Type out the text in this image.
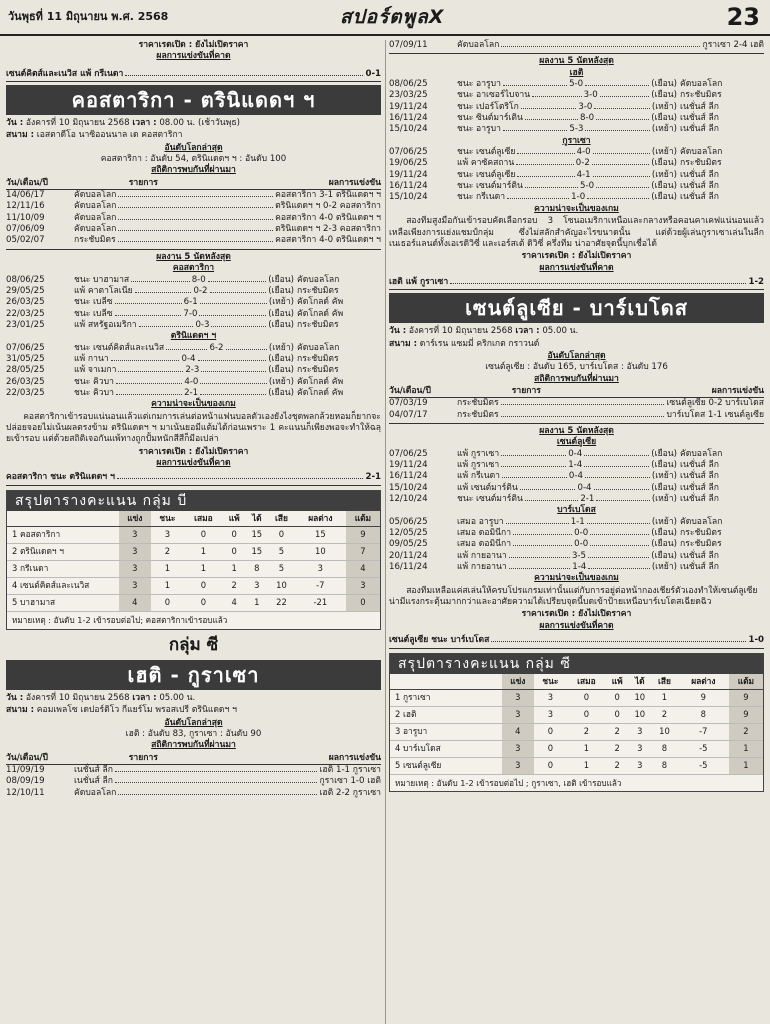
วันพุธที่ 11 มิถุนายน พ.ศ. 2568	สปอร์ตพูลX	23
ราคาเรตเปิด : ยังไม่เปิดราคา
ผลการแข่งขันที่คาด
เซนต์คิตส์และเนวิส แพ้ กรีเนดา	0-1
คอสตาริกา - ตรินิแดดฯ ฯ
วัน : อังคารที่ 10 มิถุนายน 2568 เวลา : 08.00 น. (เช้าวันพุธ)
สนาม : เอสตาดีโอ นาซิออนนาล เด คอสตาริกา
อันดับโลกล่าสุด
คอสตาริกา : อันดับ 54, ตรินิแดดฯ ฯ : อันดับ 100
สถิติการพบกันที่ผ่านมา
วัน/เดือน/ปี	รายการ	ผลการแข่งขัน
14/06/17	คัดบอลโลก	คอสตาริกา 3-1 ตรินิแดดฯ ฯ
12/11/16	คัดบอลโลก	ตรินิแดดฯ ฯ 0-2 คอสตาริกา
11/10/09	คัดบอลโลก	คอสตาริกา 4-0 ตรินิแดดฯ ฯ
07/06/09	คัดบอลโลก	ตรินิแดดฯ ฯ 2-3 คอสตาริกา
05/02/07	กระชับมิตร	คอสตาริกา 4-0 ตรินิแดดฯ ฯ
ผลงาน 5 นัดหลังสุด
คอสตาริกา
08/06/25	ชนะ บาฮามาส	8-0	(เยือน) คัดบอลโลก
29/05/25	แพ้ คาตาโลเนีย	0-2	(เยือน) กระชับมิตร
26/03/25	ชนะ เบลีซ	6-1	(เหย้า) คัดโกลด์ คัพ
22/03/25	ชนะ เบลีซ	7-0	(เยือน) คัดโกลด์ คัพ
23/01/25	แพ้ สหรัฐอเมริกา	0-3	(เยือน) กระชับมิตร
ตรินิแดดฯ ฯ
07/06/25	ชนะ เซนต์คิตส์และเนวิส	6-2	(เหย้า) คัดบอลโลก
31/05/25	แพ้ กานา	0-4	(เยือน) กระชับมิตร
28/05/25	แพ้ จาเมกา	2-3	(เยือน) กระชับมิตร
26/03/25	ชนะ คิวบา	4-0	(เหย้า) คัดโกลด์ คัพ
22/03/25	ชนะ คิวบา	2-1	(เยือน) คัดโกลด์ คัพ
ความน่าจะเป็นของเกม
คอสตาริกาเข้ารอบแน่นอนแล้วแต่เกมการเล่นต่อหน้าแฟนบอลตัวเองยังไงชุดพลกล้วยหอมก็ยากจะปล่อยจอยไม่เน้นผลตรงข้าม ตรินิแดดฯ ฯ มาเน้นยอมีแต้มได้ก่อนเพราะ 1 คะแนนก็เพียงพอจะทำให้ฉลุยเข้ารอบ แต่ด้วยสถิติเจอกันแพ้ทางถูกปั้มหนักสีสีก็มีอเปล่า
ราคาเรตเปิด : ยังไม่เปิดราคา
ผลการแข่งขันที่คาด
คอสตาริกา ชนะ ตรินิแดดฯ ฯ	2-1
สรุปตารางคะแนน กลุ่ม บี
	แข่ง	ชนะ	เสมอ	แพ้	ได้	เสีย	ผลต่าง	แต้ม
1 คอสตาริกา	3	3	0	0	15	0	15	9
2 ตรินิแดดฯ ฯ	3	2	1	0	15	5	10	7
3 กรีเนดา	3	1	1	1	8	5	3	4
4 เซนต์คิตส์และเนวิส	3	1	0	2	3	10	-7	3
5 บาฮามาส	4	0	0	4	1	22	-21	0
หมายเหตุ : อันดับ 1-2 เข้ารอบต่อไป; คอสตาริกาเข้ารอบแล้ว
กลุ่ม ซี
เฮติ - กูราเซา
วัน : อังคารที่ 10 มิถุนายน 2568 เวลา : 05.00 น.
สนาม : คอมเพลโซ เดปอร์ติโว กีแยร์โม พรอสเปรี ตรินิแดดฯ ฯ
อันดับโลกล่าสุด
เฮติ : อันดับ 83, กูราเซา : อันดับ 90
สถิติการพบกันที่ผ่านมา
วัน/เดือน/ปี	รายการ	ผลการแข่งขัน
11/09/19	เนชั่นส์ ลีก	เฮติ 1-1 กูราเซา
08/09/19	เนชั่นส์ ลีก	กูราเซา 1-0 เฮติ
12/10/11	คัดบอลโลก	เฮติ 2-2 กูราเซา
07/09/11	คัดบอลโลก	กูราเซา 2-4 เฮติ
ผลงาน 5 นัดหลังสุด
เฮติ
08/06/25	ชนะ อารูบา	5-0	(เยือน) คัดบอลโลก
23/03/25	ชนะ อาเซอร์ไบจาน	3-0	(เยือน) กระชับมิตร
19/11/24	ชนะ เปอร์โตริโก	3-0	(เหย้า) เนชั่นส์ ลีก
16/11/24	ชนะ ซินต์มาร์เติน	8-0	(เยือน) เนชั่นส์ ลีก
15/10/24	ชนะ อารูบา	5-3	(เหย้า) เนชั่นส์ ลีก
กูราเซา
07/06/25	ชนะ เซนต์ลูเซีย	4-0	(เหย้า) คัดบอลโลก
19/06/25	แพ้ คาซัคสถาน	0-2	(เยือน) กระชับมิตร
19/11/24	ชนะ เซนต์ลูเซีย	4-1	(เหย้า) เนชั่นส์ ลีก
16/11/24	ชนะ เซนต์มาร์ติน	5-0	(เยือน) เนชั่นส์ ลีก
15/10/24	ชนะ กรีเนดา	1-0	(เยือน) เนชั่นส์ ลีก
ความน่าจะเป็นของเกม
สองทีมสูงมือกันเข้ารอบคัดเลือกรอบ 3 โซนอเมริกาเหนือและกลางหรือคอนคาเคฟแน่นอนแล้วเหลือเพียงการแย่งแชมป์กลุ่ม ซึ่งไม่สลักสำคัญอะไรขนาดนั้น แต่ด้วยผู้เล่นกูราเซาเล่นในลีกเนเธอร์แลนด์ทั้งเอเรดิวิซี่ และเอร์สเต้ ดิวิซี่ ครึ่งทีม น่าอาศัยจุดนี้บุกเชื่อได้
ราคาเรตเปิด : ยังไม่เปิดราคา
ผลการแข่งขันที่คาด
เฮติ แพ้ กูราเซา	1-2
เซนต์ลูเซีย - บาร์เบโดส
วัน : อังคารที่ 10 มิถุนายน 2568 เวลา : 05.00 น.
สนาม : ดาร์เรน แซมมี่ คริกเกต กราวนด์
อันดับโลกล่าสุด
เซนต์ลูเซีย : อันดับ 165, บาร์เบโดส : อันดับ 176
สถิติการพบกันที่ผ่านมา
วัน/เดือน/ปี	รายการ	ผลการแข่งขัน
07/03/19	กระชับมิตร	เซนต์ลูเซีย 0-2 บาร์เบโดส
04/07/17	กระชับมิตร	บาร์เบโดส 1-1 เซนต์ลูเซีย
ผลงาน 5 นัดหลังสุด
เซนต์ลูเซีย
07/06/25	แพ้ กูราเซา	0-4	(เยือน) คัดบอลโลก
19/11/24	แพ้ กูราเซา	1-4	(เยือน) เนชั่นส์ ลีก
16/11/24	แพ้ กรีเนดา	0-4	(เหย้า) เนชั่นส์ ลีก
15/10/24	แพ้ เซนต์มาร์ติน	0-4	(เยือน) เนชั่นส์ ลีก
12/10/24	ชนะ เซนต์มาร์ติน	2-1	(เหย้า) เนชั่นส์ ลีก
บาร์เบโดส
05/06/25	เสมอ อารูบา	1-1	(เหย้า) คัดบอลโลก
12/05/25	เสมอ ดอมินีกา	0-0	(เยือน) กระชับมิตร
09/05/25	เสมอ ดอมินีกา	0-0	(เยือน) กระชับมิตร
20/11/24	แพ้ กายอานา	3-5	(เยือน) เนชั่นส์ ลีก
16/11/24	แพ้ กายอานา	1-4	(เหย้า) เนชั่นส์ ลีก
ความน่าจะเป็นของเกม
สองทีมเหลือแค่สเล่นให้ครบโปรแกรมเท่านั้นแต่กับการอยู่ต่อหน้ากองเชียร์ตัวเองทำให้เซนต์ลูเซียน่ามีแรงกระตุ้นมากกว่าและอาศัยความได้เปรียบจุดนี้บดเข้าป้ายเหนือบาร์เบโดสเฉียดฉิว
ราคาเรตเปิด : ยังไม่เปิดราคา
ผลการแข่งขันที่คาด
เซนต์ลูเซีย ชนะ บาร์เบโดส	1-0
สรุปตารางคะแนน กลุ่ม ซี
	แข่ง	ชนะ	เสมอ	แพ้	ได้	เสีย	ผลต่าง	แต้ม
1 กูราเซา	3	3	0	0	10	1	9	9
2 เฮติ	3	3	0	0	10	2	8	9
3 อารูบา	4	0	2	2	3	10	-7	2
4 บาร์เบโดส	3	0	1	2	3	8	-5	1
5 เซนต์ลูเซีย	3	0	1	2	3	8	-5	1
หมายเหตุ : อันดับ 1-2 เข้ารอบต่อไป ; กูราเซา, เฮติ เข้ารอบแล้ว
